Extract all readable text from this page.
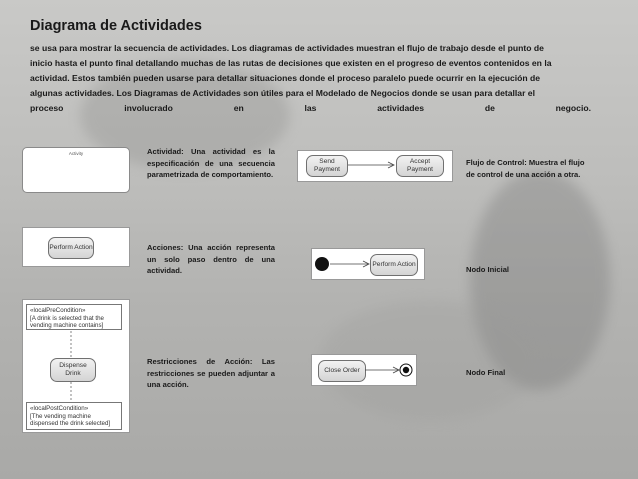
Diagrama de Actividades
se usa para mostrar la secuencia de actividades. Los diagramas de actividades muestran el flujo de trabajo desde el punto de
inicio hasta el punto final detallando muchas de las rutas de decisiones que existen en el progreso de eventos contenidos en la
actividad. Estos también pueden usarse para detallar situaciones donde el proceso paralelo puede ocurrir en la ejecución de
algunas actividades. Los Diagramas de Actividades son útiles para el Modelado de Negocios donde se usan para detallar el
proceso involucrado en las actividades de negocio.
Activity	Actividad: Una actividad es la especificación de una secuencia parametrizada de comportamiento.
Send Payment
Accept Payment
Flujo de Control: Muestra el flujo de control de una acción a otra.
Perform Action	Acciones: Una acción representa un solo paso dentro de una actividad.
Perform Action
Nodo Inicial
«localPreCondition»
[A drink is selected that the vending machine contains]
Dispense Drink
«localPostCondition»
[The vending machine dispensed the drink selected]
Restricciones de Acción: Las restricciones se pueden adjuntar a una acción.
Close Order	Nodo Final
